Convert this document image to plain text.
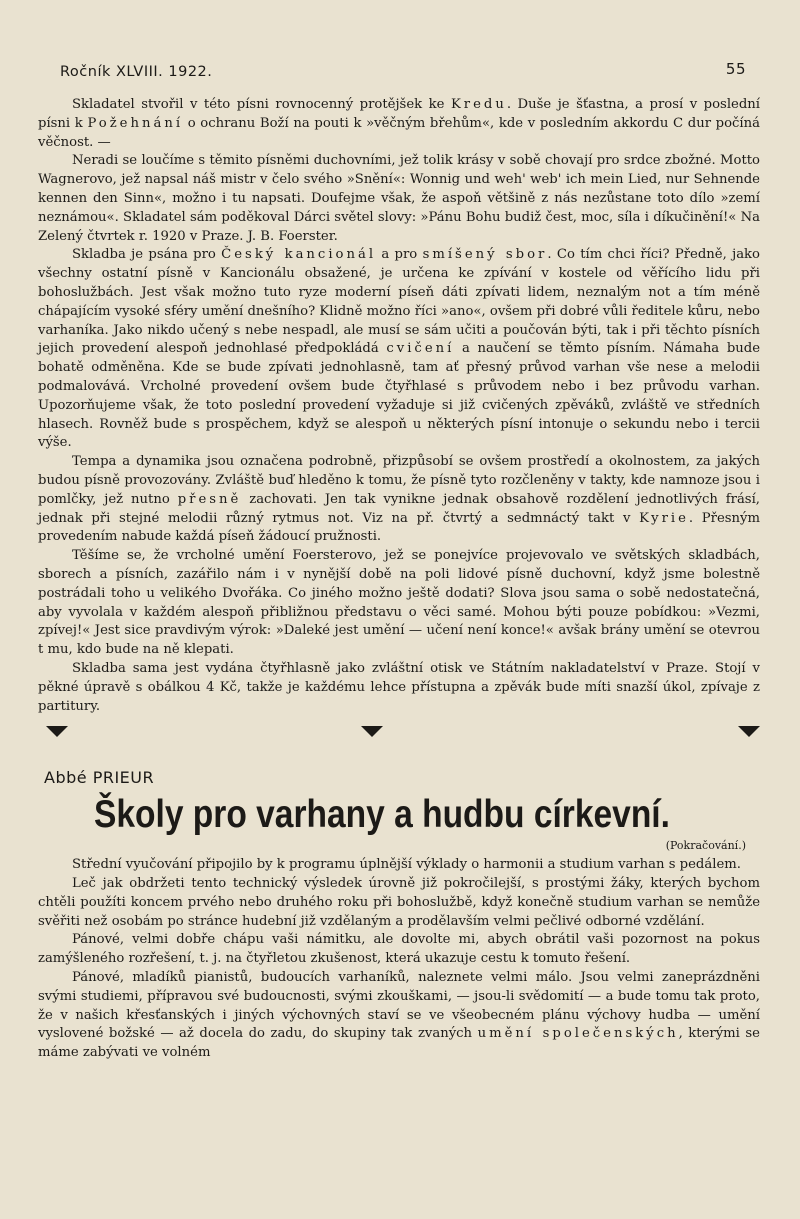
Ročník XLVIII. 1922.	55

Skladatel stvořil v této písni rovnocenný protějšek ke Kredu. Duše je šťastna, a prosí v poslední písni k Požehnání o ochranu Boží na pouti k »věčným břehům«, kde v posledním akkordu C dur počíná věčnost. —

Neradi se loučíme s těmito písněmi duchovními, jež tolik krásy v sobě chovají pro srdce zbožné. Motto Wagnerovo, jež napsal náš mistr v čelo svého »Snění«: Wonnig und weh' web' ich mein Lied, nur Sehnende kennen den Sinn«, možno i tu napsati. Doufejme však, že aspoň většině z nás nezůstane toto dílo »zemí neznámou«. Skladatel sám poděkoval Dárci světel slovy: »Pánu Bohu budiž čest, moc, síla i díkučinění!« Na Zelený čtvrtek r. 1920 v Praze. J. B. Foerster.

Skladba je psána pro Český kancionál a pro smíšený sbor. Co tím chci říci? Předně, jako všechny ostatní písně v Kancionálu obsažené, je určena ke zpívání v kostele od věřícího lidu při bohoslužbách. Jest však možno tuto ryze moderní píseň dáti zpívati lidem, neznalým not a tím méně chápajícím vysoké sféry umění dnešního? Klidně možno říci »ano«, ovšem při dobré vůli ředitele kůru, nebo varhaníka. Jako nikdo učený s nebe nespadl, ale musí se sám učiti a poučován býti, tak i při těchto písních jejich provedení alespoň jednohlasé předpokládá cvičení a naučení se těmto písním. Námaha bude bohatě odměněna. Kde se bude zpívati jednohlasně, tam ať přesný průvod varhan vše nese a melodii podmalovává. Vrcholné provedení ovšem bude čtyřhlasé s průvodem nebo i bez průvodu varhan. Upozorňujeme však, že toto poslední provedení vyžaduje si již cvičených zpěváků, zvláště ve středních hlasech. Rovněž bude s prospěchem, když se alespoň u některých písní intonuje o sekundu nebo i tercii výše.

Tempa a dynamika jsou označena podrobně, přizpůsobí se ovšem prostředí a okolnostem, za jakých budou písně provozovány. Zvláště buď hleděno k tomu, že písně tyto rozčleněny v takty, kde namnoze jsou i pomlčky, jež nutno přesně zachovati. Jen tak vynikne jednak obsahově rozdělení jednotlivých frásí, jednak při stejné melodii různý rytmus not. Viz na př. čtvrtý a sedmnáctý takt v Kyrie. Přesným provedením nabude každá píseň žádoucí pružnosti.

Těšíme se, že vrcholné umění Foersterovo, jež se ponejvíce projevovalo ve světských skladbách, sborech a písních, zazářilo nám i v nynější době na poli lidové písně duchovní, když jsme bolestně postrádali toho u velikého Dvořáka. Co jiného možno ještě dodati? Slova jsou sama o sobě nedostatečná, aby vyvolala v každém alespoň přibližnou představu o věci samé. Mohou býti pouze pobídkou: »Vezmi, zpívej!« Jest sice pravdivým výrok: »Daleké jest umění — učení není konce!« avšak brány umění se otevrou t mu, kdo bude na ně klepati.

Skladba sama jest vydána čtyřhlasně jako zvláštní otisk ve Státním nakladatelství v Praze. Stojí v pěkné úpravě s obálkou 4 Kč, takže je každému lehce přístupna a zpěvák bude míti snazší úkol, zpívaje z partitury.

Abbé PRIEUR
Školy pro varhany a hudbu církevní.
(Pokračování.)

Střední vyučování připojilo by k programu úplnější výklady o harmonii a studium varhan s pedálem.

Leč jak obdržeti tento technický výsledek úrovně již pokročilejší, s prostými žáky, kterých bychom chtěli použíti koncem prvého nebo druhého roku při bohoslužbě, když konečně studium varhan se nemůže svěřiti než osobám po stránce hudební již vzdělaným a prodělavším velmi pečlivé odborné vzdělání.

Pánové, velmi dobře chápu vaši námitku, ale dovolte mi, abych obrátil vaši pozornost na pokus zamýšleného rozřešení, t. j. na čtyřletou zkušenost, která ukazuje cestu k tomuto řešení.

Pánové, mladíků pianistů, budoucích varhaníků, naleznete velmi málo. Jsou velmi zaneprázdněni svými studiemi, přípravou své budoucnosti, svými zkouškami, — jsou-li svědomití — a bude tomu tak proto, že v našich křesťanských i jiných výchovných staví se ve všeobecném plánu výchovy hudba — umění vyslovené božské — až docela do zadu, do skupiny tak zvaných umění společenských, kterými se máme zabývati ve volném
